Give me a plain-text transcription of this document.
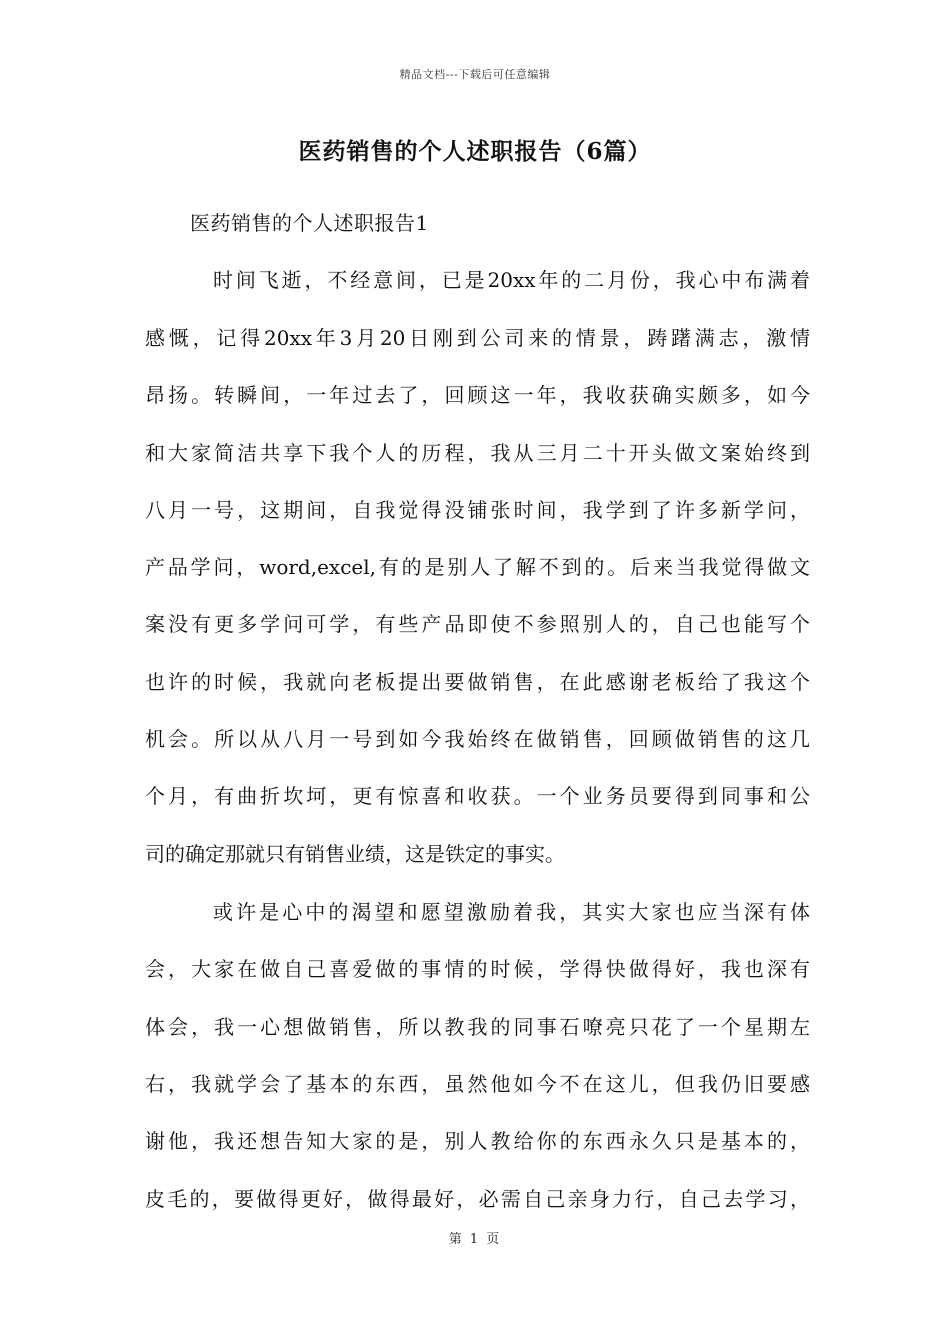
精品文档---下载后可任意编辑
医药销售的个人述职报告（6篇）
医药销售的个人述职报告1
时间飞逝，不经意间，已是20xx年的二月份，我心中布满着
感慨，记得20xx年3月20日刚到公司来的情景，踌躇满志，激情
昂扬。转瞬间，一年过去了，回顾这一年，我收获确实颇多，如今
和大家简洁共享下我个人的历程，我从三月二十开头做文案始终到
八月一号，这期间，自我觉得没铺张时间，我学到了许多新学问，
产品学问，word,excel,有的是别人了解不到的。后来当我觉得做文
案没有更多学问可学，有些产品即使不参照别人的，自己也能写个
也许的时候，我就向老板提出要做销售，在此感谢老板给了我这个
机会。所以从八月一号到如今我始终在做销售，回顾做销售的这几
个月，有曲折坎坷，更有惊喜和收获。一个业务员要得到同事和公
司的确定那就只有销售业绩，这是铁定的事实。
或许是心中的渴望和愿望激励着我，其实大家也应当深有体
会，大家在做自己喜爱做的事情的时候，学得快做得好，我也深有
体会，我一心想做销售，所以教我的同事石嘹亮只花了一个星期左
右，我就学会了基本的东西，虽然他如今不在这儿，但我仍旧要感
谢他，我还想告知大家的是，别人教给你的东西永久只是基本的，
皮毛的，要做得更好，做得最好，必需自己亲身力行，自己去学习，
第 1 页
